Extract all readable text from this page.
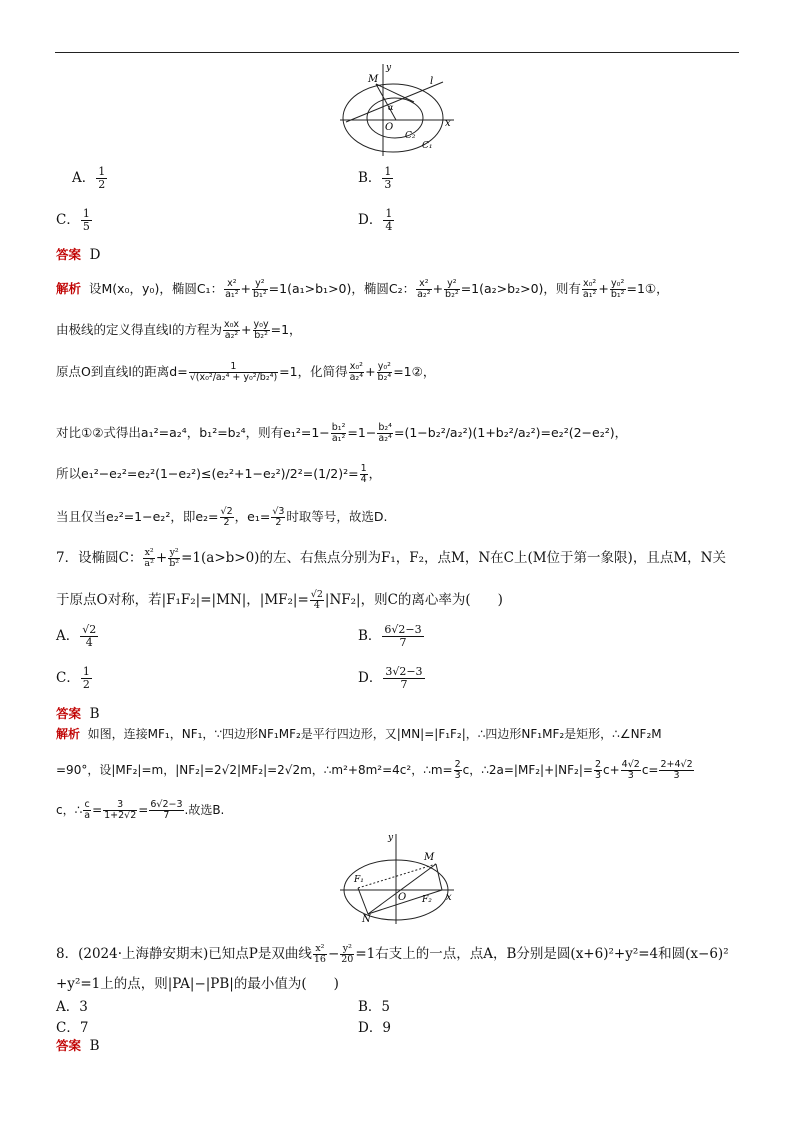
M	l
y
x
O
C₂
C₁
α
A． $\frac{1}{2}$	B． $\frac{1}{3}$
C． $\frac{1}{5}$	D． $\frac{1}{4}$
答案 D
解析 设M(x₀，y₀)，椭圆C₁： $\frac{\text{x²}}{\text{a₁²}} + \frac{\text{y²}}{\text{b₁²}} =1(a_1>b_1>0)$，椭圆C₂： $\frac{\text{x²}}{\text{a₂²}} + \frac{\text{y²}}{\text{b₂²}} =1(a_2>b_2>0)$，则有 $\frac{\text{x₀²}}{\text{a₁²}} + \frac{\text{y₀²}}{\text{b₁²}}$ =1①，
由极线的定义得直线l的方程为 $\frac{\text{x₀x}}{\text{a₂²}} + \frac{\text{y₀y}}{\text{b₂²}} =1$，
原点O到直线l的距离$d= \frac{1}{\text{√(x₀²/a₂⁴ + y₀²/b₂⁴)}} =1$，化简得 $\frac{\text{x₀²}}{\text{a₂⁴}} + \frac{\text{y₀²}}{\text{b₂⁴}}$ =1②，
对比①②式得出a₁²=a₂⁴，b₁²=b₂⁴，则有$e_1^2=1- \frac{\text{b₁²}}{\text{a₁²}} =1- \frac{\text{b₂⁴}}{\text{a₂⁴}} =(1-b_2^2/a_2^2)(1+b_2^2/a_2^2)=e_2^2(2-e_2^2)$，
所以$e_1^2-e_2^2=e_2^2(1-e_2^2)\le(e_2^2+1-e_2^2)/2^2=(1/2)^2= \frac{1}{4}$ ，
当且仅当e₂²=1−e₂²，即$e_2= \frac{√2}{2}$ ，$e_1= \frac{√3}{2}$ 时取等号，故选D.
7．设椭圆C： $\frac{\text{x²}}{\text{a²}} + \frac{\text{y²}}{\text{b²}} =1(a>b>0)$的左、右焦点分别为F₁，F₂，点M，N在C上(M位于第一象限)，且点M，N关
于原点O对称，若|F₁F₂|=|MN|，$|MF_2|= \frac{√2}{4} |NF_2|$，则C的离心率为(　　)
A． $\frac{√2}{4}$	B． $\frac{6√2-3}{7}$
C． $\frac{1}{2}$	D． $\frac{3√2-3}{7}$
答案 B
解析 如图，连接MF₁，NF₁，∵四边形NF₁MF₂是平行四边形，又|MN|=|F₁F₂|，∴四边形NF₁MF₂是矩形，∴∠NF₂M
=90°，设|MF₂|=m，|NF₂|=2√2|MF₂|=2√2m，∴m²+8m²=4c²，∴m= $\frac{2}{3}$ c，∴2a=|MF₂|+|NF₂|= $\frac{2}{3} c+ \frac{4√2}{3} c= \frac{2+4√2}{3}$
c，∴ $\frac{c}{a} = \frac{3}{1+2√2} = \frac{6√2-3}{7}$ .故选B.
M
F₁
O F₂
N
y
x
8．(2024·上海静安期末)已知点P是双曲线 $\frac{\text{x²}}{16} - \frac{\text{y²}}{20} =1$右支上的一点，点A，B分别是圆(x+6)²+y²=4和圆(x−6)²
+y²=1上的点，则|PA|−|PB|的最小值为(　　)
A．3	B．5
C．7	D．9
答案 B
